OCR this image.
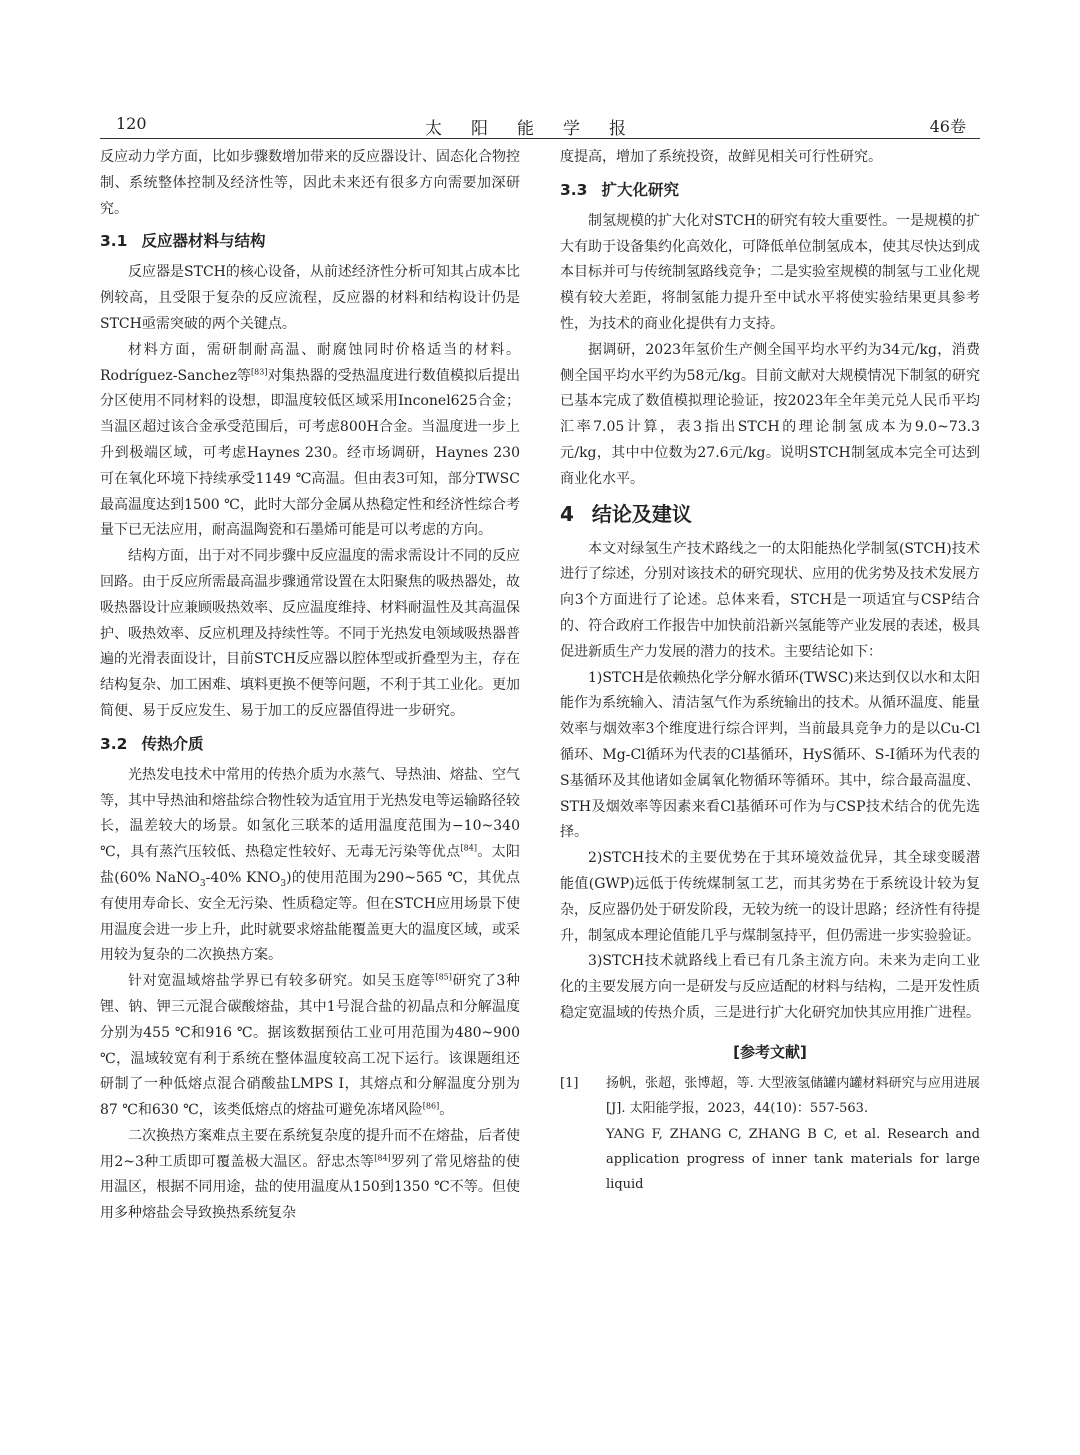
120	太阳能学报	46卷

反应动力学方面，比如步骤数增加带来的反应器设计、固态化合物控制、系统整体控制及经济性等，因此未来还有很多方向需要加深研究。

3.1 反应器材料与结构

反应器是STCH的核心设备，从前述经济性分析可知其占成本比例较高，且受限于复杂的反应流程，反应器的材料和结构设计仍是STCH亟需突破的两个关键点。

材料方面，需研制耐高温、耐腐蚀同时价格适当的材料。Rodríguez-Sanchez等[83]对集热器的受热温度进行数值模拟后提出分区使用不同材料的设想，即温度较低区域采用Inconel625合金；当温区超过该合金承受范围后，可考虑800H合金。当温度进一步上升到极端区域，可考虑Haynes 230。经市场调研，Haynes 230可在氧化环境下持续承受1149 ℃高温。但由表3可知，部分TWSC最高温度达到1500 ℃，此时大部分金属从热稳定性和经济性综合考量下已无法应用，耐高温陶瓷和石墨烯可能是可以考虑的方向。

结构方面，出于对不同步骤中反应温度的需求需设计不同的反应回路。由于反应所需最高温步骤通常设置在太阳聚焦的吸热器处，故吸热器设计应兼顾吸热效率、反应温度维持、材料耐温性及其高温保护、吸热效率、反应机理及持续性等。不同于光热发电领域吸热器普遍的光滑表面设计，目前STCH反应器以腔体型或折叠型为主，存在结构复杂、加工困难、填料更换不便等问题，不利于其工业化。更加简便、易于反应发生、易于加工的反应器值得进一步研究。

3.2 传热介质

光热发电技术中常用的传热介质为水蒸气、导热油、熔盐、空气等，其中导热油和熔盐综合物性较为适宜用于光热发电等运输路径较长，温差较大的场景。如氢化三联苯的适用温度范围为−10~340 ℃，具有蒸汽压较低、热稳定性较好、无毒无污染等优点[84]。太阳盐(60% NaNO$_3$-40% $KNO_3$)的使用范围为290~565 ℃，其优点有使用寿命长、安全无污染、性质稳定等。但在STCH应用场景下使用温度会进一步上升，此时就要求熔盐能覆盖更大的温度区域，或采用较为复杂的二次换热方案。

针对宽温域熔盐学界已有较多研究。如吴玉庭等[85]研究了3种锂、钠、钾三元混合碳酸熔盐，其中1号混合盐的初晶点和分解温度分别为455 ℃和916 ℃。据该数据预估工业可用范围为480~900 ℃，温域较宽有利于系统在整体温度较高工况下运行。该课题组还研制了一种低熔点混合硝酸盐LMPS I，其熔点和分解温度分别为87 ℃和630 ℃，该类低熔点的熔盐可避免冻堵风险[86]。

二次换热方案难点主要在系统复杂度的提升而不在熔盐，后者使用2~3种工质即可覆盖极大温区。舒忠杰等[84]罗列了常见熔盐的使用温区，根据不同用途，盐的使用温度从150到1350 ℃不等。但使用多种熔盐会导致换热系统复杂

度提高，增加了系统投资，故鲜见相关可行性研究。

3.3 扩大化研究

制氢规模的扩大化对STCH的研究有较大重要性。一是规模的扩大有助于设备集约化高效化，可降低单位制氢成本，使其尽快达到成本目标并可与传统制氢路线竞争；二是实验室规模的制氢与工业化规模有较大差距，将制氢能力提升至中试水平将使实验结果更具参考性，为技术的商业化提供有力支持。

据调研，2023年氢价生产侧全国平均水平约为34元/kg，消费侧全国平均水平约为58元/kg。目前文献对大规模情况下制氢的研究已基本完成了数值模拟理论验证，按2023年全年美元兑人民币平均汇率7.05计算，表3指出STCH的理论制氢成本为9.0~73.3元/kg，其中中位数为27.6元/kg。说明STCH制氢成本完全可达到商业化水平。

4 结论及建议

本文对绿氢生产技术路线之一的太阳能热化学制氢(STCH)技术进行了综述，分别对该技术的研究现状、应用的优劣势及技术发展方向3个方面进行了论述。总体来看，STCH是一项适宜与CSP结合的、符合政府工作报告中加快前沿新兴氢能等产业发展的表述，极具促进新质生产力发展的潜力的技术。主要结论如下：

1)STCH是依赖热化学分解水循环(TWSC)来达到仅以水和太阳能作为系统输入、清洁氢气作为系统输出的技术。从循环温度、能量效率与烟效率3个维度进行综合评判，当前最具竞争力的是以Cu-Cl循环、Mg-Cl循环为代表的Cl基循环，HyS循环、S-I循环为代表的S基循环及其他诸如金属氧化物循环等循环。其中，综合最高温度、STH及烟效率等因素来看Cl基循环可作为与CSP技术结合的优先选择。

2)STCH技术的主要优势在于其环境效益优异，其全球变暖潜能值(GWP)远低于传统煤制氢工艺，而其劣势在于系统设计较为复杂，反应器仍处于研发阶段，无较为统一的设计思路；经济性有待提升，制氢成本理论值能几乎与煤制氢持平，但仍需进一步实验验证。

3)STCH技术就路线上看已有几条主流方向。未来为走向工业化的主要发展方向一是研发与反应适配的材料与结构，二是开发性质稳定宽温域的传热介质，三是进行扩大化研究加快其应用推广进程。

[参考文献]
[1] 扬帆，张超，张博超，等. 大型液氢储罐内罐材料研究与应用进展[J]. 太阳能学报，2023，44(10)：557-563.
YANG F, ZHANG C, ZHANG B C, et al. Research and application progress of inner tank materials for large liquid
